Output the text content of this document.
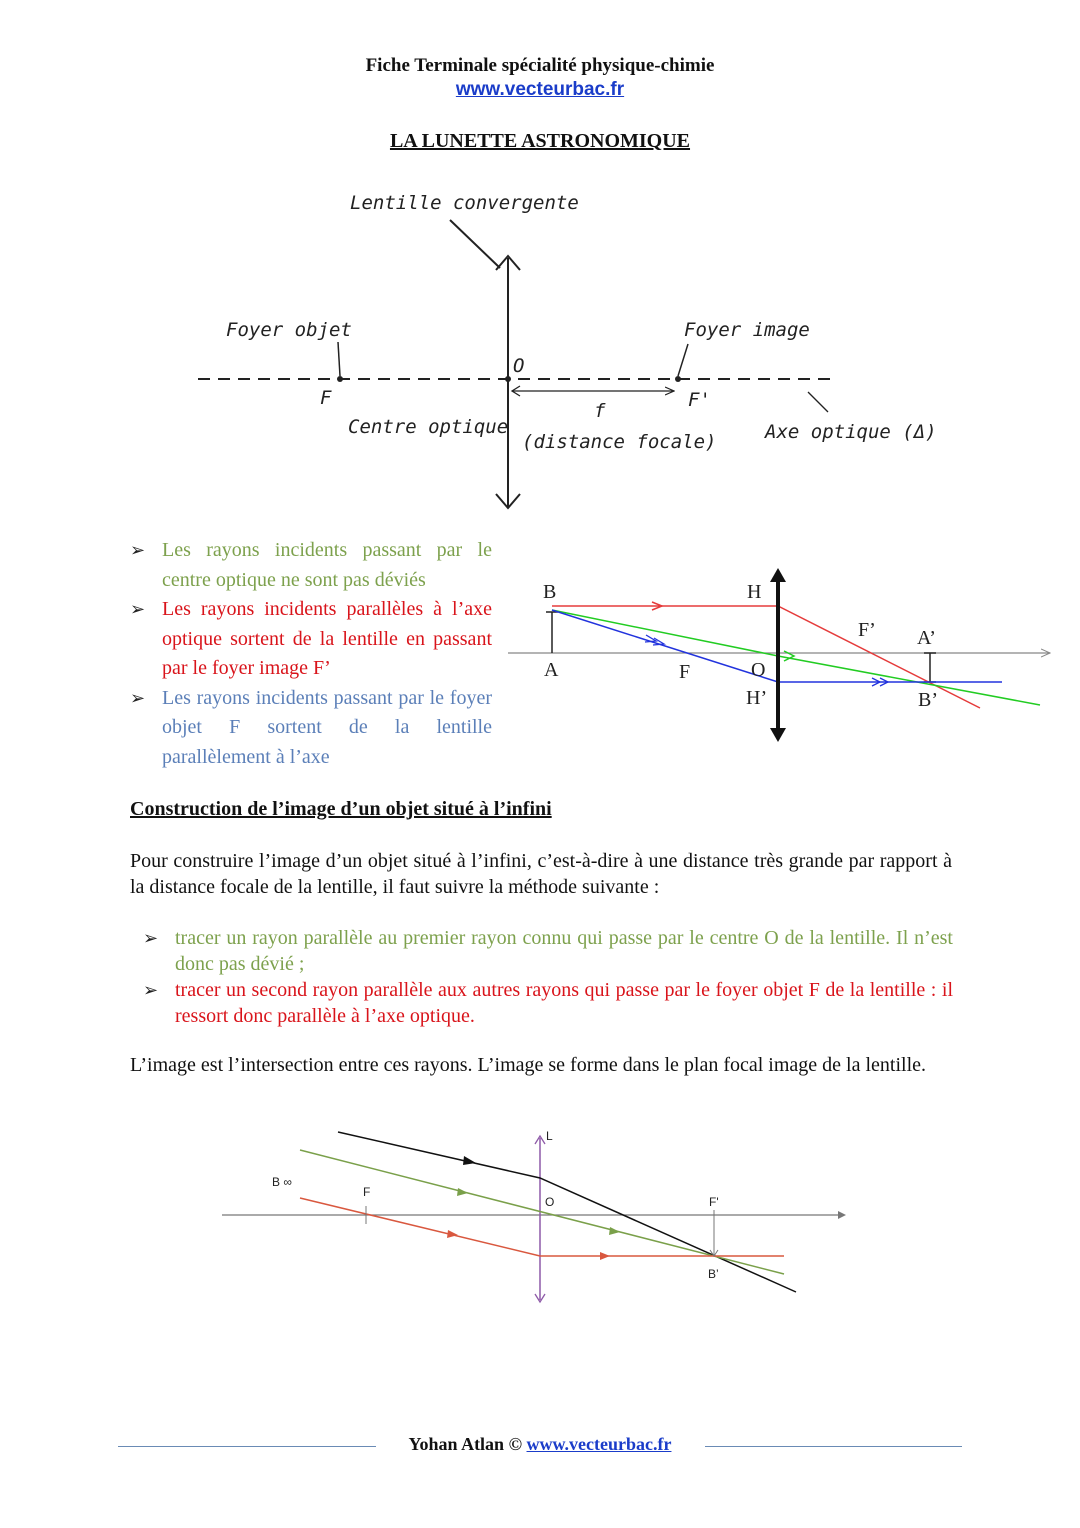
Fiche Terminale spécialité physique-chimie
www.vecteurbac.fr
LA LUNETTE ASTRONOMIQUE
Lentille convergente
Foyer objet
F
Foyer image
F'
O
f
Centre optique
(distance focale)	Axe optique (Δ)
➢ Les rayons incidents passant par le centre optique ne sont pas déviés
➢ Les rayons incidents parallèles à l’axe optique sortent de la lentille en passant par le foyer image F’
➢ Les rayons incidents passant par le foyer objet F sortent de la lentille parallèlement à l’axe
B
A
H
F	O
H’
F’ A’
B’
Construction de l’image d’un objet situé à l’infini
Pour construire l’image d’un objet situé à l’infini, c’est-à-dire à une distance très grande par rapport à la distance focale de la lentille, il faut suivre la méthode suivante :
➢ tracer un rayon parallèle au premier rayon connu qui passe par le centre O de la lentille. Il n’est donc pas dévié ;
➢ tracer un second rayon parallèle aux autres rayons qui passe par le foyer objet F de la lentille : il ressort donc parallèle à l’axe optique.
L’image est l’intersection entre ces rayons. L’image se forme dans le plan focal image de la lentille.
L
B ∞
F
O	F'
B’
Yohan Atlan © www.vecteurbac.fr
